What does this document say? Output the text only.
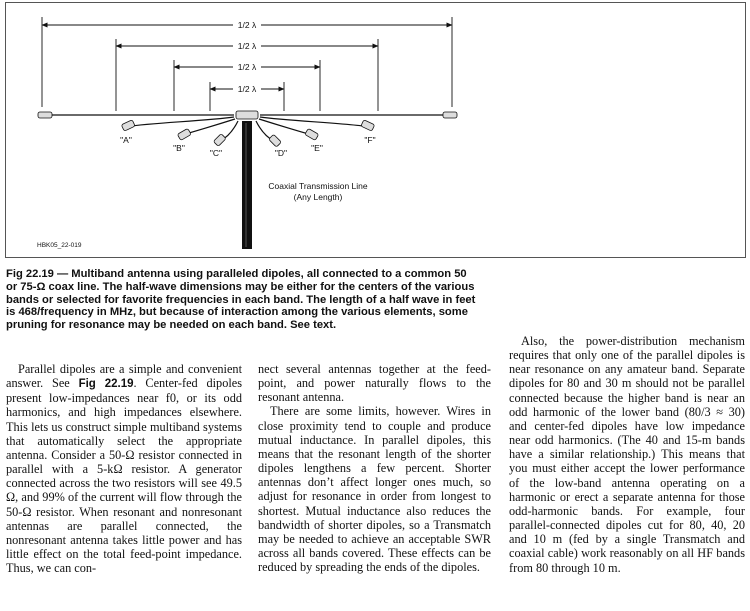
1/2 λ
1/2 λ
1/2 λ
1/2 λ
"A"
"B"	"C"	"D"	"E"
"F"
Coaxial Transmission Line
(Any Length)
HBK05_22-019

Fig 22.19 — Multiband antenna using paralleled dipoles, all connected to a common 50 or 75-Ω coax line. The half-wave dimensions may be either for the centers of the various bands or selected for favorite frequencies in each band. The length of a half wave in feet is 468/frequency in MHz, but because of interaction among the various elements, some pruning for resonance may be needed on each band. See text.

Parallel dipoles are a simple and convenient answer. See Fig 22.19. Center-fed dipoles present low-impedances near f0, or its odd harmonics, and high impedances elsewhere. This lets us construct simple multiband systems that automatically select the appropriate antenna. Consider a 50-Ω resistor connected in parallel with a 5-kΩ resistor. A generator connected across the two resistors will see 49.5 Ω, and 99% of the current will flow through the 50-Ω resistor. When resonant and nonresonant antennas are parallel connected, the nonresonant antenna takes little power and has little effect on the total feed-point impedance. Thus, we can con-

nect several antennas together at the feed-point, and power naturally flows to the resonant antenna.

There are some limits, however. Wires in close proximity tend to couple and produce mutual inductance. In parallel dipoles, this means that the resonant length of the shorter dipoles lengthens a few percent. Shorter antennas don’t affect longer ones much, so adjust for resonance in order from longest to shortest. Mutual inductance also reduces the bandwidth of shorter dipoles, so a Transmatch may be needed to achieve an acceptable SWR across all bands covered. These effects can be reduced by spreading the ends of the dipoles.

Also, the power-distribution mechanism requires that only one of the parallel dipoles is near resonance on any amateur band. Separate dipoles for 80 and 30 m should not be parallel connected because the higher band is near an odd harmonic of the lower band (80/3 ≈ 30) and center-fed dipoles have low impedance near odd harmonics. (The 40 and 15-m bands have a similar relationship.) This means that you must either accept the lower performance of the low-band antenna operating on a harmonic or erect a separate antenna for those odd-harmonic bands. For example, four parallel-connected dipoles cut for 80, 40, 20 and 10 m (fed by a single Transmatch and coaxial cable) work reasonably on all HF bands from 80 through 10 m.
